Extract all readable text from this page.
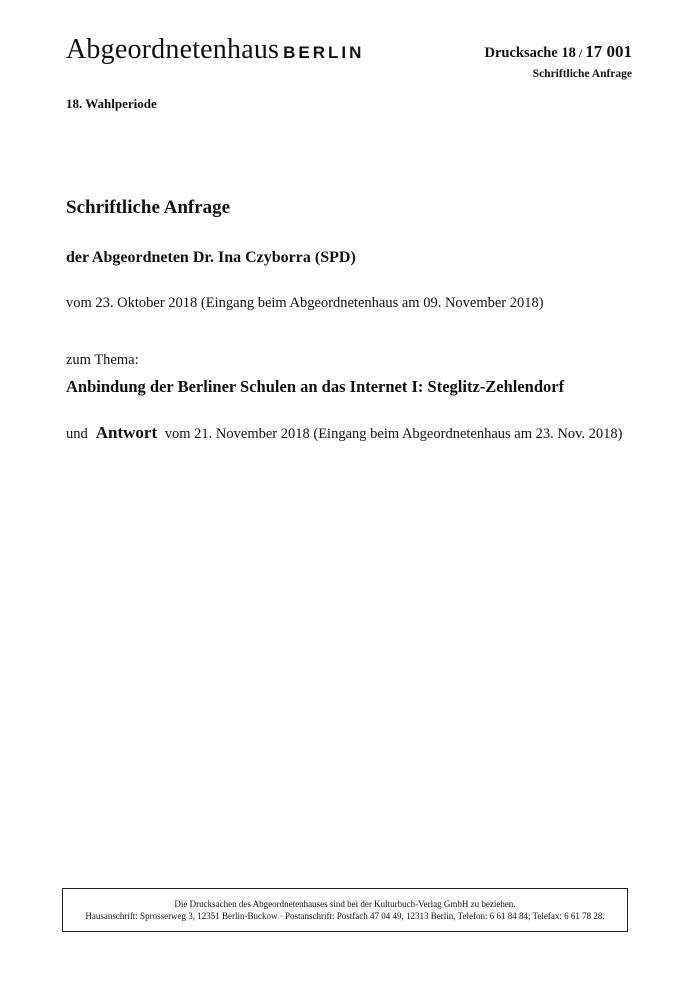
Abgeordnetenhaus BERLIN	Drucksache 18 / 17 001
Schriftliche Anfrage
18. Wahlperiode
Schriftliche Anfrage
der Abgeordneten Dr. Ina Czyborra (SPD)
vom 23. Oktober 2018 (Eingang beim Abgeordnetenhaus am 09. November 2018)
zum Thema:
Anbindung der Berliner Schulen an das Internet I: Steglitz-Zehlendorf
und Antwort vom 21. November 2018 (Eingang beim Abgeordnetenhaus am 23. Nov. 2018)
Die Drucksachen des Abgeordnetenhauses sind bei der Kulturbuch-Verlag GmbH zu beziehen.
Hausanschrift: Sprosserweg 3, 12351 Berlin-Buckow · Postanschrift: Postfach 47 04 49, 12313 Berlin, Telefon: 6 61 84 84; Telefax: 6 61 78 28.
